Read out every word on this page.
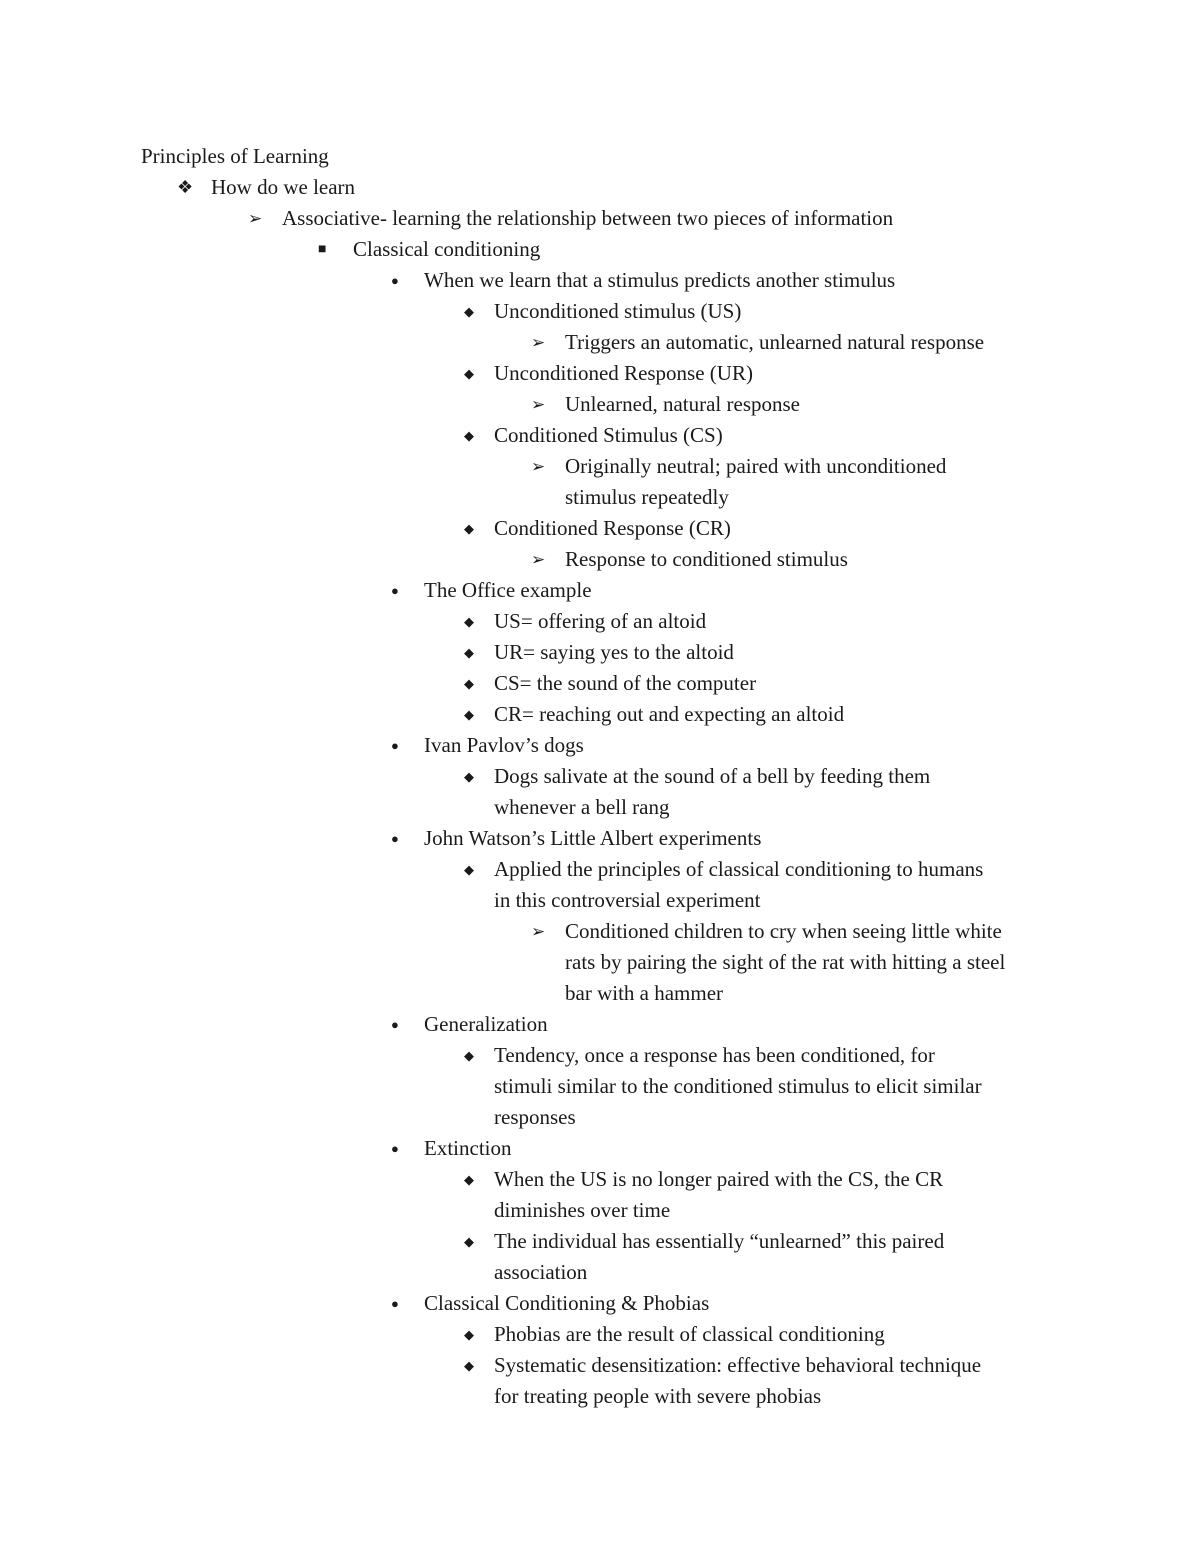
Principles of Learning
❖ How do we learn
➢ Associative- learning the relationship between two pieces of information
■ Classical conditioning
● When we learn that a stimulus predicts another stimulus
◆ Unconditioned stimulus (US)
➢ Triggers an automatic, unlearned natural response
◆ Unconditioned Response (UR)
➢ Unlearned, natural response
◆ Conditioned Stimulus (CS)
➢ Originally neutral; paired with unconditioned
stimulus repeatedly
◆ Conditioned Response (CR)
➢ Response to conditioned stimulus
● The Office example
◆ US= offering of an altoid
◆ UR= saying yes to the altoid
◆ CS= the sound of the computer
◆ CR= reaching out and expecting an altoid
● Ivan Pavlov’s dogs
◆ Dogs salivate at the sound of a bell by feeding them
whenever a bell rang
● John Watson’s Little Albert experiments
◆ Applied the principles of classical conditioning to humans
in this controversial experiment
➢ Conditioned children to cry when seeing little white
rats by pairing the sight of the rat with hitting a steel
bar with a hammer
● Generalization
◆ Tendency, once a response has been conditioned, for
stimuli similar to the conditioned stimulus to elicit similar
responses
● Extinction
◆ When the US is no longer paired with the CS, the CR
diminishes over time
◆ The individual has essentially “unlearned” this paired
association
● Classical Conditioning & Phobias
◆ Phobias are the result of classical conditioning
◆ Systematic desensitization: effective behavioral technique
for treating people with severe phobias
